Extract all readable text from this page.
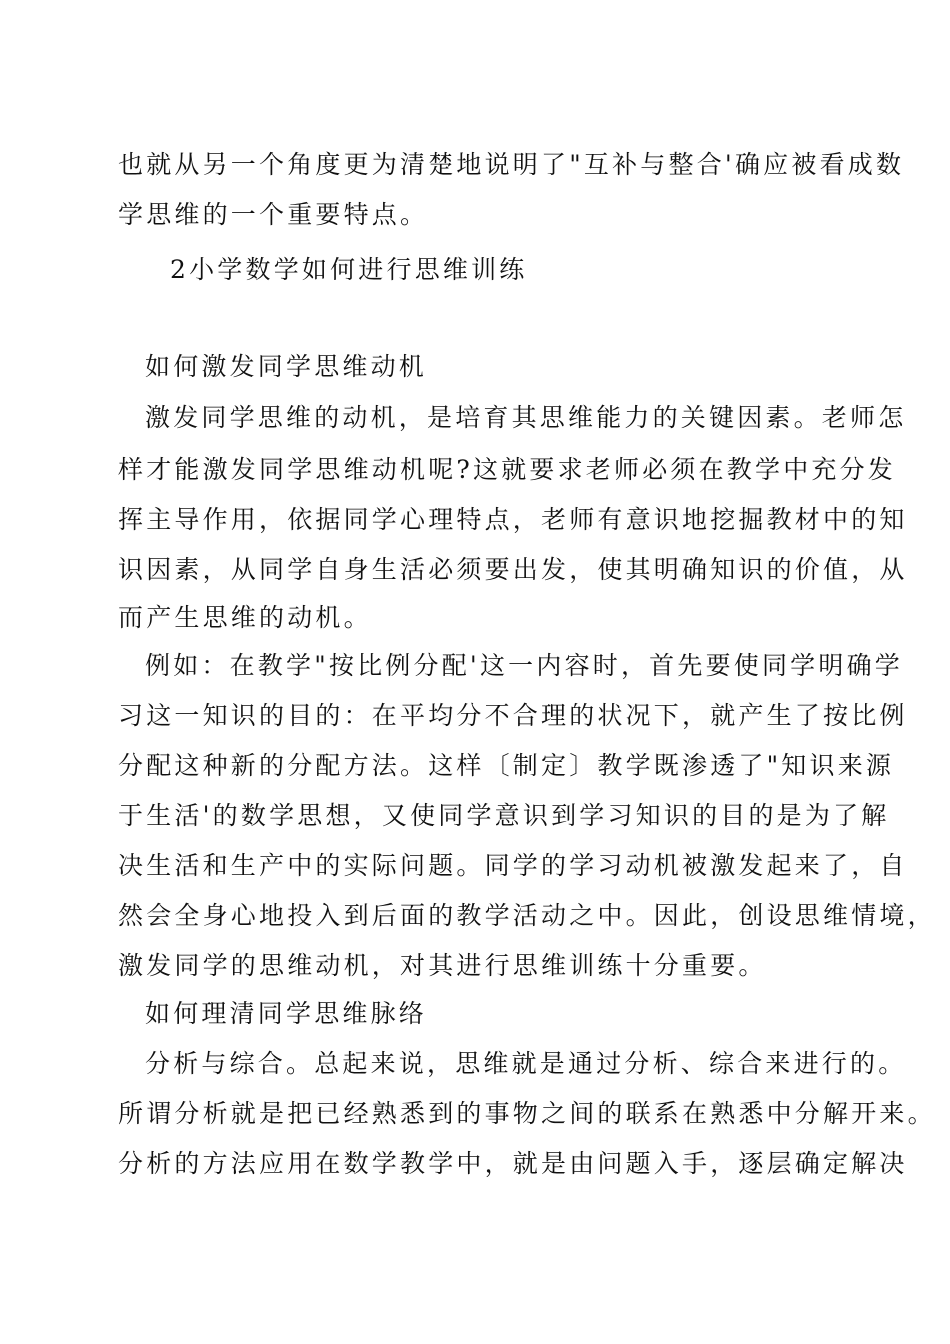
也就从另一个角度更为清楚地说明了"互补与整合'确应被看成数
学思维的一个重要特点。
2小学数学如何进行思维训练
如何激发同学思维动机
激发同学思维的动机，是培育其思维能力的关键因素。老师怎
样才能激发同学思维动机呢?这就要求老师必须在教学中充分发
挥主导作用，依据同学心理特点，老师有意识地挖掘教材中的知
识因素，从同学自身生活必须要出发，使其明确知识的价值，从
而产生思维的动机。
例如：在教学"按比例分配'这一内容时，首先要使同学明确学
习这一知识的目的：在平均分不合理的状况下，就产生了按比例
分配这种新的分配方法。这样〔制定〕教学既渗透了"知识来源
于生活'的数学思想，又使同学意识到学习知识的目的是为了解
决生活和生产中的实际问题。同学的学习动机被激发起来了，自
然会全身心地投入到后面的教学活动之中。因此，创设思维情境，
激发同学的思维动机，对其进行思维训练十分重要。
如何理清同学思维脉络
分析与综合。总起来说，思维就是通过分析、综合来进行的。
所谓分析就是把已经熟悉到的事物之间的联系在熟悉中分解开来。
分析的方法应用在数学教学中，就是由问题入手，逐层确定解决
